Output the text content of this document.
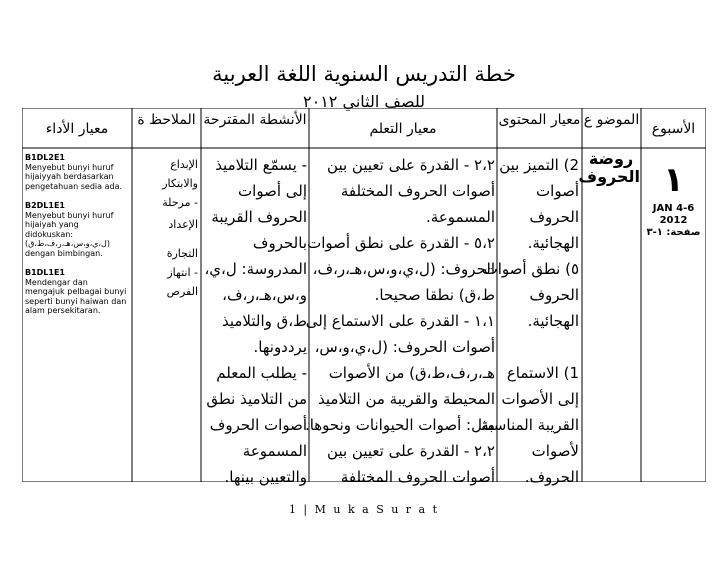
خطة التدريس السنوية اللغة العربية
للصف الثاني ٢٠١٢
الأسبوع
الموضو ع
معيار المحتوى
معيار التعلم
الأنشطة المقترحة
الملاحظ ة
معيار الأداء
١
JAN 4-6
2012
صفحة: ١-٣
روضة الحروف
2) التميز بين
أصوات
الحروف
الهجائية.
٥) نطق أصوات
الحروف
الهجائية.
1) الاستماع
إلى الأصوات
القريبة المناسبة
لأصوات
الحروف.
٢،٢ - القدرة على تعيين بين
أصوات الحروف المختلفة
المسموعة.
٥،٢ - القدرة على نطق أصوات
الحروف: (ل،ي،و،س،هـ،ر،ف،
ط،ق) نطقا صحيحا.
١،١ - القدرة على الاستماع إلى
أصوات الحروف: (ل،ي،و،س،
هـ،ر،ف،ط،ق) من الأصوات
المحيطة والقريبة من التلاميذ
مثل: أصوات الحيوانات ونحوها.
٢،٢ - القدرة على تعيين بين
أصوات الحروف المختلفة
- يسمّع التلاميذ
إلى أصوات
الحروف القريبة
بالحروف
المدروسة: ل،ي،
و،س،هـ،ر،ف،
ط،ق والتلاميذ
يرددونها.
- يطلب المعلم
من التلاميذ نطق
أصوات الحروف
المسموعة
والتعيين بينها.
الإبداع
والابتكار
- مرحلة
الإعداد
التجارة
- انتهاز
الفرص
B1DL2E1
Menyebut bunyi huruf hijaiyyah berdasarkan pengetahuan sedia ada.
B2DL1E1
Menyebut bunyi huruf hijaiyah yang didokuskan: (ل،ي،و،س،هـ،ر،ف،ط،ق) dengan bimbingan.
B1DL1E1
Mendengar dan mengajuk pelbagai bunyi seperti bunyi haiwan dan alam persekitaran.
1 | M u k a S u r a t
